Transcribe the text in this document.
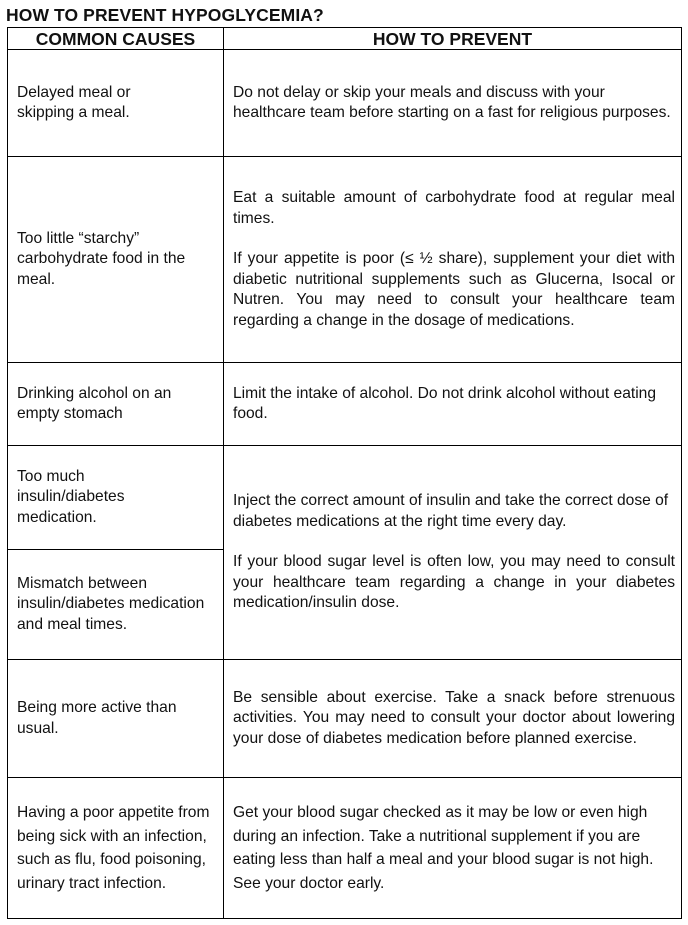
HOW TO PREVENT HYPOGLYCEMIA?
COMMON CAUSES	HOW TO PREVENT
Delayed meal or skipping a meal.	Do not delay or skip your meals and discuss with your healthcare team before starting on a fast for religious purposes.
Too little “starchy” carbohydrate food in the meal.	Eat a suitable amount of carbohydrate food at regular meal times.
If your appetite is poor (≤ ½ share), supplement your diet with diabetic nutritional supplements such as Glucerna, Isocal or Nutren. You may need to consult your healthcare team regarding a change in the dosage of medications.

Drinking alcohol on an empty stomach	Limit the intake of alcohol. Do not drink alcohol without eating food.
Too much insulin/diabetes medication.	Inject the correct amount of insulin and take the correct dose of diabetes medications at the right time every day.
If your blood sugar level is often low, you may need to consult your healthcare team regarding a change in your diabetes medication/insulin dose.

Mismatch between insulin/diabetes medication and meal times.	
Being more active than usual.	Be sensible about exercise. Take a snack before strenuous activities. You may need to consult your doctor about lowering your dose of diabetes medication before planned exercise.
Having a poor appetite from being sick with an infection, such as flu, food poisoning, urinary tract infection.	Get your blood sugar checked as it may be low or even high during an infection. Take a nutritional supplement if you are eating less than half a meal and your blood sugar is not high. See your doctor early.
